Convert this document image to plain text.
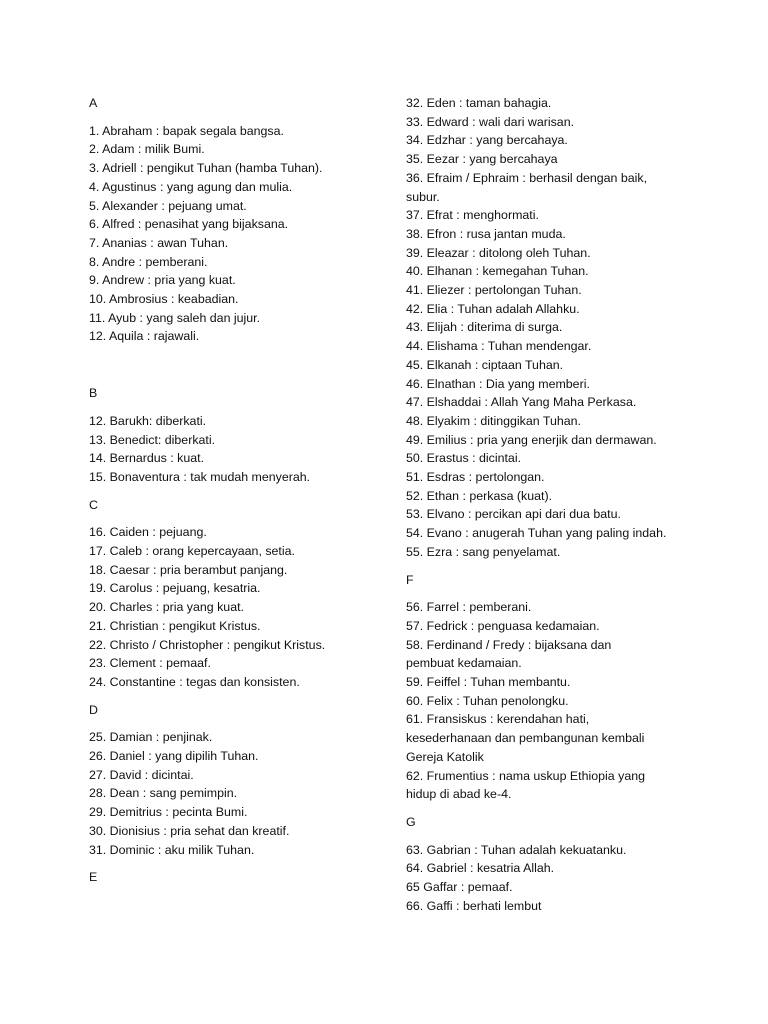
A
1. Abraham : bapak segala bangsa.
2. Adam : milik Bumi.
3. Adriell : pengikut Tuhan (hamba Tuhan).
4. Agustinus : yang agung dan mulia.
5. Alexander : pejuang umat.
6. Alfred : penasihat yang bijaksana.
7. Ananias : awan Tuhan.
8. Andre : pemberani.
9. Andrew : pria yang kuat.
10. Ambrosius : keabadian.
11. Ayub : yang saleh dan jujur.
12. Aquila : rajawali.
B
12. Barukh: diberkati.
13. Benedict: diberkati.
14. Bernardus : kuat.
15. Bonaventura : tak mudah menyerah.
C
16. Caiden : pejuang.
17. Caleb : orang kepercayaan, setia.
18. Caesar : pria berambut panjang.
19. Carolus : pejuang, kesatria.
20. Charles : pria yang kuat.
21. Christian : pengikut Kristus.
22. Christo / Christopher : pengikut Kristus.
23. Clement : pemaaf.
24. Constantine : tegas dan konsisten.
D
25. Damian : penjinak.
26. Daniel : yang dipilih Tuhan.
27. David : dicintai.
28. Dean : sang pemimpin.
29. Demitrius : pecinta Bumi.
30. Dionisius : pria sehat dan kreatif.
31. Dominic : aku milik Tuhan.
E
32. Eden : taman bahagia.
33. Edward : wali dari warisan.
34. Edzhar : yang bercahaya.
35. Eezar : yang bercahaya
36. Efraim / Ephraim : berhasil dengan baik, subur.
37. Efrat : menghormati.
38. Efron : rusa jantan muda.
39. Eleazar : ditolong oleh Tuhan.
40. Elhanan : kemegahan Tuhan.
41. Eliezer : pertolongan Tuhan.
42. Elia : Tuhan adalah Allahku.
43. Elijah : diterima di surga.
44. Elishama : Tuhan mendengar.
45. Elkanah : ciptaan Tuhan.
46. Elnathan : Dia yang memberi.
47. Elshaddai : Allah Yang Maha Perkasa.
48. Elyakim : ditinggikan Tuhan.
49. Emilius : pria yang enerjik dan dermawan.
50. Erastus : dicintai.
51. Esdras : pertolongan.
52. Ethan : perkasa (kuat).
53. Elvano : percikan api dari dua batu.
54. Evano : anugerah Tuhan yang paling indah.
55. Ezra : sang penyelamat.
F
56. Farrel : pemberani.
57. Fedrick : penguasa kedamaian.
58. Ferdinand / Fredy : bijaksana dan pembuat kedamaian.
59. Feiffel : Tuhan membantu.
60. Felix : Tuhan penolongku.
61. Fransiskus : kerendahan hati, kesederhanaan dan pembangunan kembali Gereja Katolik
62. Frumentius : nama uskup Ethiopia yang hidup di abad ke-4.
G
63. Gabrian : Tuhan adalah kekuatanku.
64. Gabriel : kesatria Allah.
65 Gaffar : pemaaf.
66. Gaffi : berhati lembut
